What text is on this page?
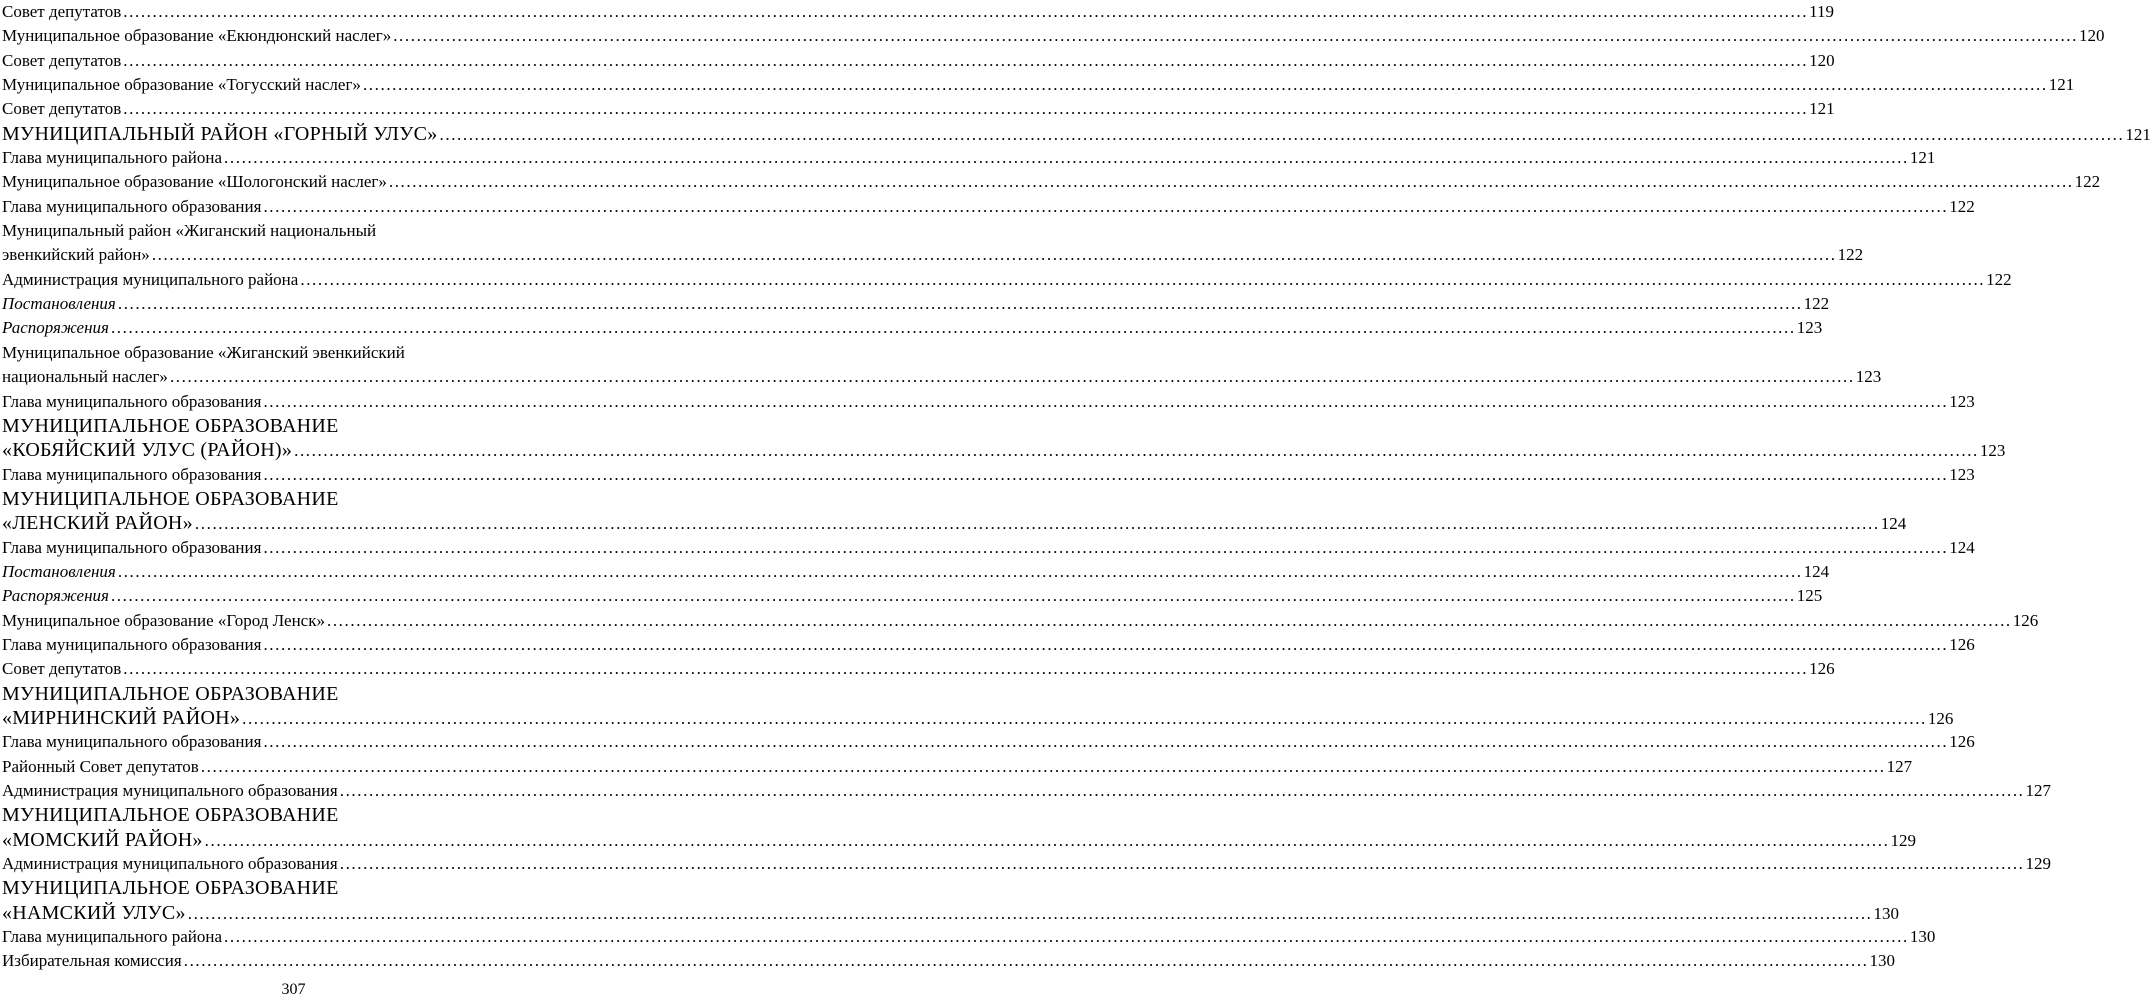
Совет депутатов .....	119
Муниципальное образование «Екюндюнский наслег» .....	120
Совет депутатов .....	120
Муниципальное образование «Тогусский наслег» .....	121
Совет депутатов .....	121
МУНИЦИПАЛЬНЫЙ РАЙОН «ГОРНЫЙ УЛУС» .....	121
Глава муниципального района .....	121
Муниципальное образование «Шологонский наслег» .....	122
Глава муниципального образования .....	122
Муниципальный район «Жиганский национальный
эвенкийский район» .....	122
Администрация муниципального района .....	122
Постановления .....	122
Распоряжения .....	123
Муниципальное образование «Жиганский эвенкийский
национальный наслег» .....	123
Глава муниципального образования .....	123
МУНИЦИПАЛЬНОЕ ОБРАЗОВАНИЕ
«КОБЯЙСКИЙ УЛУС (РАЙОН)» .....	123
Глава муниципального образования .....	123
МУНИЦИПАЛЬНОЕ ОБРАЗОВАНИЕ
«ЛЕНСКИЙ РАЙОН» .....	124
Глава муниципального образования .....	124
Постановления .....	124
Распоряжения .....	125
Муниципальное образование «Город Ленск» .....	126
Глава муниципального образования .....	126
Совет депутатов .....	126
МУНИЦИПАЛЬНОЕ ОБРАЗОВАНИЕ
«МИРНИНСКИЙ РАЙОН» .....	126
Глава муниципального образования .....	126
Районный Совет депутатов .....	127
Администрация муниципального образования .....	127
МУНИЦИПАЛЬНОЕ ОБРАЗОВАНИЕ
«МОМСКИЙ РАЙОН» .....	129
Администрация муниципального образования .....	129
МУНИЦИПАЛЬНОЕ ОБРАЗОВАНИЕ
«НАМСКИЙ УЛУС» .....	130
Глава муниципального района .....	130
Избирательная комиссия .....	130
307
